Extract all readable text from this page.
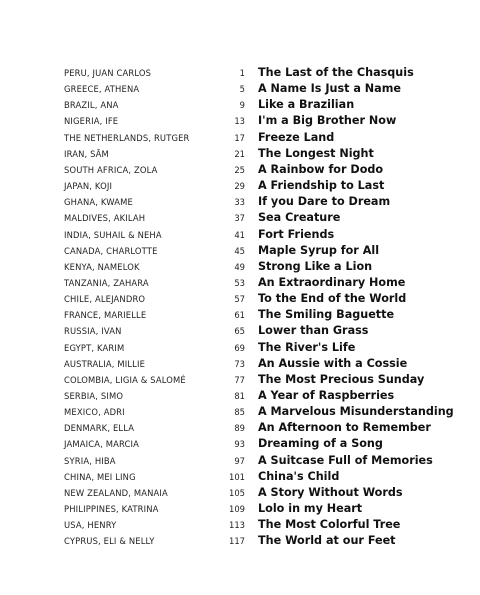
PERU, JUAN CARLOS	1 The Last of the Chasquis
GREECE, ATHENA	5 A Name Is Just a Name
BRAZIL, ANA	9 Like a Brazilian
NIGERIA, IFE	13 I'm a Big Brother Now
THE NETHERLANDS, RUTGER	17 Freeze Land
IRAN, SĀM	21 The Longest Night
SOUTH AFRICA, ZOLA	25 A Rainbow for Dodo
JAPAN, KOJI	29 A Friendship to Last
GHANA, KWAME	33 If you Dare to Dream
MALDIVES, AKILAH	37 Sea Creature
INDIA, SUHAIL & NEHA	41 Fort Friends
CANADA, CHARLOTTE	45 Maple Syrup for All
KENYA, NAMELOK	49 Strong Like a Lion
TANZANIA, ZAHARA	53 An Extraordinary Home
CHILE, ALEJANDRO	57 To the End of the World
FRANCE, MARIELLE	61 The Smiling Baguette
RUSSIA, IVAN	65 Lower than Grass
EGYPT, KARIM	69 The River's Life
AUSTRALIA, MILLIE	73 An Aussie with a Cossie
COLOMBIA, LIGIA & SALOMÉ	77 The Most Precious Sunday
SERBIA, SIMO	81 A Year of Raspberries
MEXICO, ADRI	85 A Marvelous Misunderstanding
DENMARK, ELLA	89 An Afternoon to Remember
JAMAICA, MARCIA	93 Dreaming of a Song
SYRIA, HIBA	97 A Suitcase Full of Memories
CHINA, MEI LING	101 China's Child
NEW ZEALAND, MANAIA	105 A Story Without Words
PHILIPPINES, KATRINA	109 Lolo in my Heart
USA, HENRY	113 The Most Colorful Tree
CYPRUS, ELI & NELLY	117 The World at our Feet
